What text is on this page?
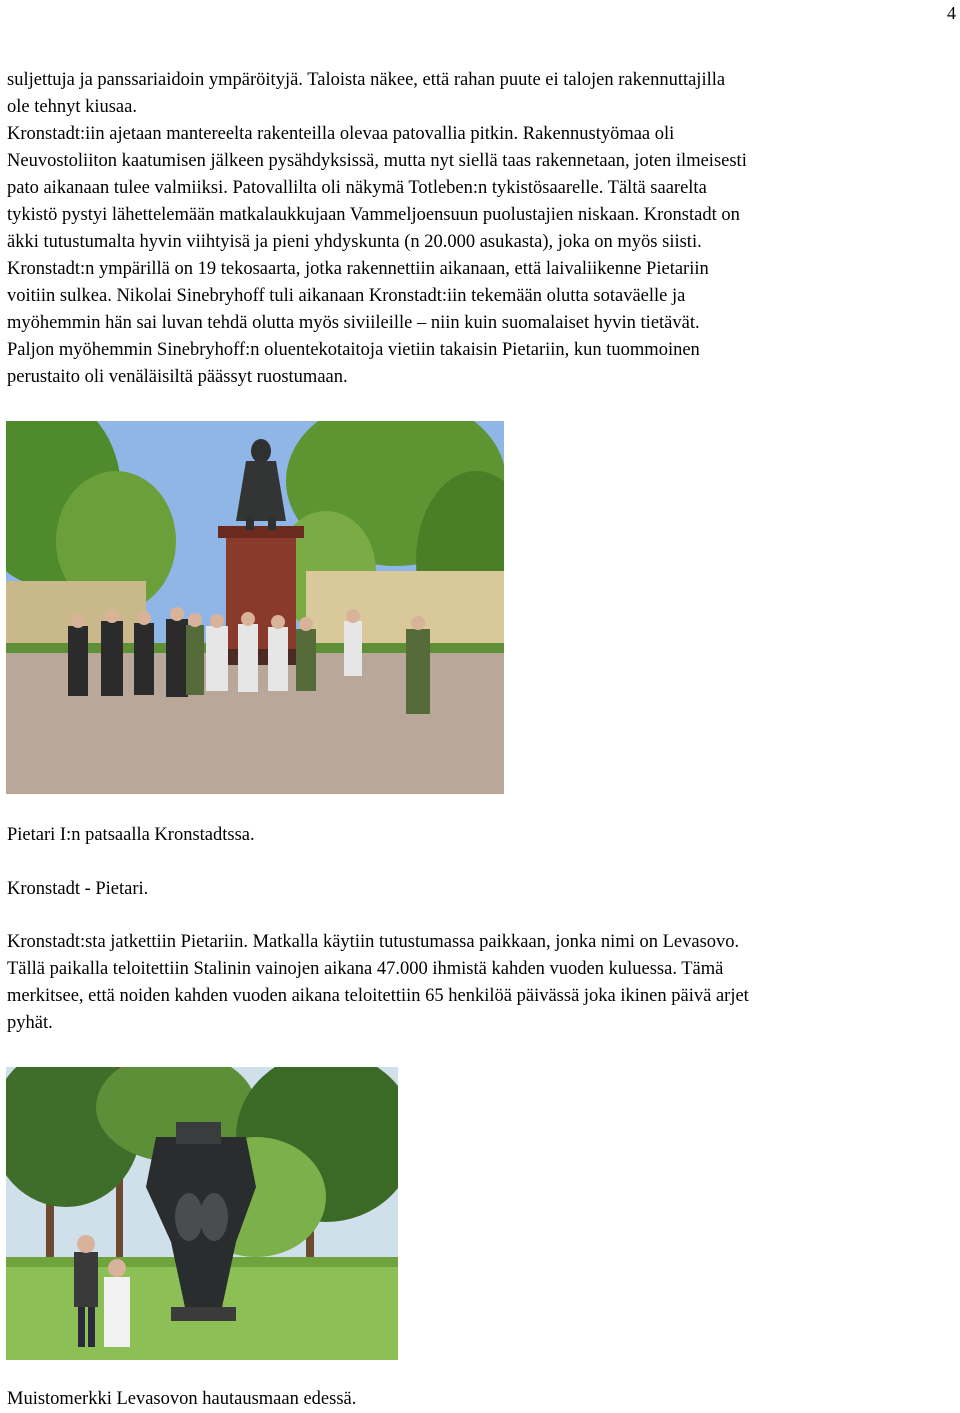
4

suljettuja ja panssariaidoin ympäröityjä. Taloista näkee, että rahan puute ei talojen rakennuttajilla
ole tehnyt kiusaa.
Kronstadt:iin ajetaan mantereelta rakenteilla olevaa patovallia pitkin. Rakennustyömaa oli
Neuvostoliiton kaatumisen jälkeen pysähdyksissä, mutta nyt siellä taas rakennetaan, joten ilmeisesti
pato aikanaan tulee valmiiksi. Patovallilta oli näkymä Totleben:n tykistösaarelle. Tältä saarelta
tykistö pystyi lähettelemään matkalaukkujaan Vammeljoensuun puolustajien niskaan. Kronstadt on
äkki tutustumalta hyvin viihtyisä ja pieni yhdyskunta (n 20.000 asukasta), joka on myös siisti.
Kronstadt:n ympärillä on 19 tekosaarta, jotka rakennettiin aikanaan, että laivaliikenne Pietariin
voitiin sulkea. Nikolai Sinebryhoff tuli aikanaan Kronstadt:iin tekemään olutta sotaväelle ja
myöhemmin hän sai luvan tehdä olutta myös siviileille – niin kuin suomalaiset hyvin tietävät.
Paljon myöhemmin Sinebryhoff:n oluentekotaitoja vietiin takaisin Pietariin, kun tuommoinen
perustaito oli venäläisiltä päässyt ruostumaan.

Pietari I:n patsaalla Kronstadtssa.
Kronstadt - Pietari.

Kronstadt:sta jatkettiin Pietariin. Matkalla käytiin tutustumassa paikkaan, jonka nimi on Levasovo.
Tällä paikalla teloitettiin Stalinin vainojen aikana 47.000 ihmistä kahden vuoden kuluessa. Tämä
merkitsee, että noiden kahden vuoden aikana teloitettiin 65 henkilöä päivässä joka ikinen päivä arjet
pyhät.

Muistomerkki Levasovon hautausmaan edessä.
